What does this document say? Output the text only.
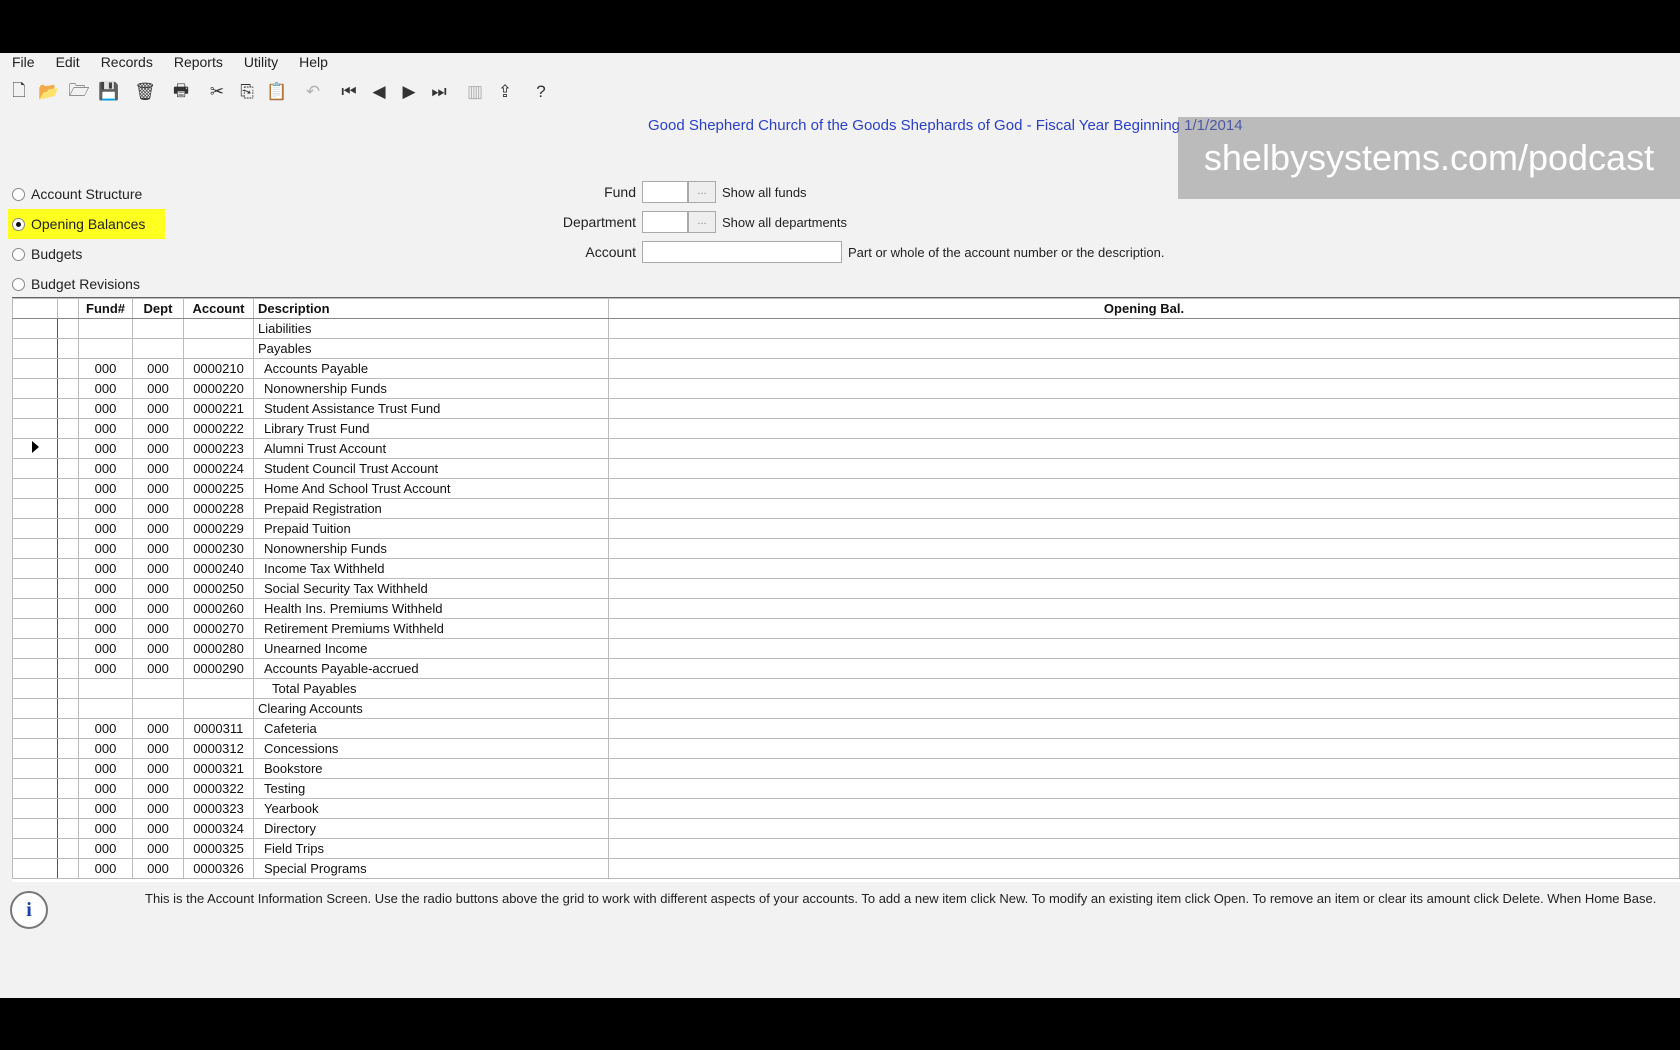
File	Edit	Records	Reports	Utility	Help
🗋 📂 🗁 💾 🗑	🖶	✂ ⎘ 📋	↶	⏮ ◀ ▶ ⏭	▥ ⇪	?
Good Shepherd Church of the Goods Shephards of God - Fiscal Year Beginning 1/1/2014
Account Structure
Opening Balances
Budgets
Budget Revisions
Fund	...	Show all funds
Department	...	Show all departments
Account	Part or whole of the account number or the description.
		Fund#	Dept	Account	Description	Opening Bal.
					Liabilities	
					Payables	
		000	000	0000210	Accounts Payable	
		000	000	0000220	Nonownership Funds	
		000	000	0000221	Student Assistance Trust Fund	
		000	000	0000222	Library Trust Fund	
		000	000	0000223	Alumni Trust Account	
		000	000	0000224	Student Council Trust Account	
		000	000	0000225	Home And School Trust Account	
		000	000	0000228	Prepaid Registration	
		000	000	0000229	Prepaid Tuition	
		000	000	0000230	Nonownership Funds	
		000	000	0000240	Income Tax Withheld	
		000	000	0000250	Social Security Tax Withheld	
		000	000	0000260	Health Ins. Premiums Withheld	
		000	000	0000270	Retirement Premiums Withheld	
		000	000	0000280	Unearned Income	
		000	000	0000290	Accounts Payable-accrued	
					Total Payables	
					Clearing Accounts	
		000	000	0000311	Cafeteria	
		000	000	0000312	Concessions	
		000	000	0000321	Bookstore	
		000	000	0000322	Testing	
		000	000	0000323	Yearbook	
		000	000	0000324	Directory	
		000	000	0000325	Field Trips	
		000	000	0000326	Special Programs	
i
This is the Account Information Screen. Use the radio buttons above the grid to work with different aspects of your accounts. To add a new item click New. To modify an existing item click Open. To remove an item or clear its amount click Delete. When Home Base.
shelbysystems.com/podcast
